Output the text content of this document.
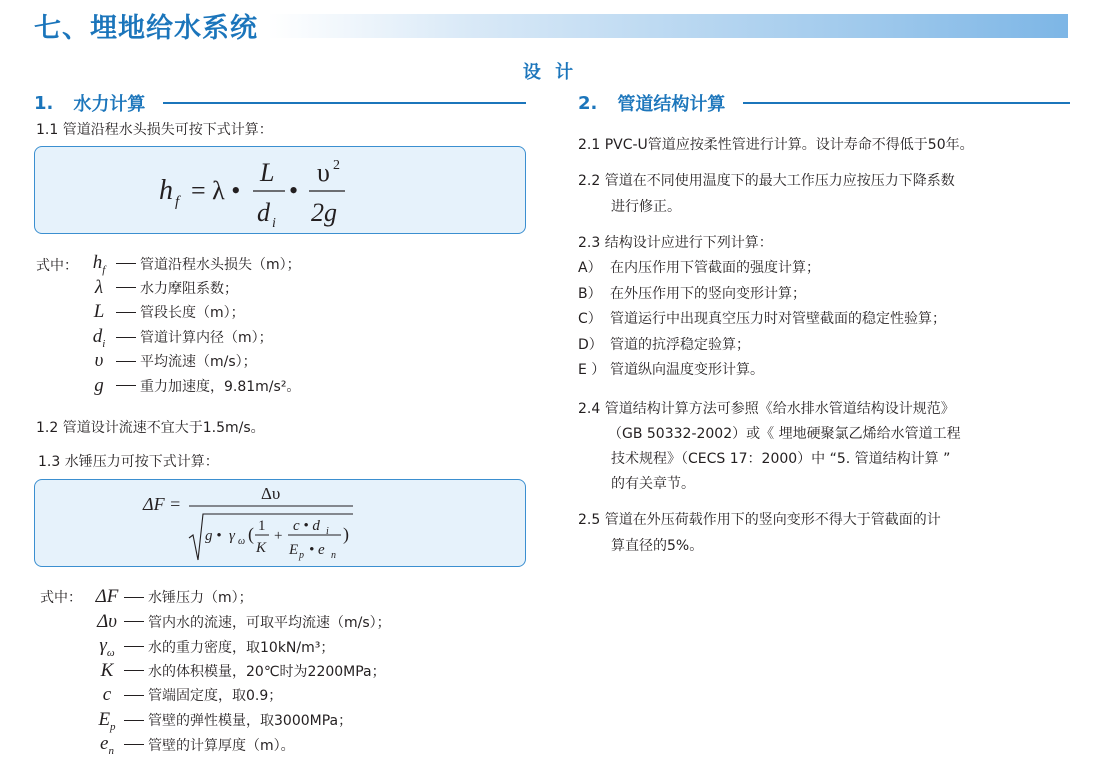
七、埋地给水系统
设 计
1. 水力计算
1.1 管道沿程水头损失可按下式计算：
h f = λ •
L
d i
•
υ 2
2g
式中： $h_f$	管道沿程水头损失（m）；
λ	水力摩阻系数；
L	管段长度（m）；
$d_i$	管道计算内径（m）；
υ	平均流速（m/s）；
g	重力加速度，9.81m/s²。
1.2 管道设计流速不宜大于1.5m/s。
1.3 水锤压力可按下式计算：
ΔF =
Δυ
g • γ ω ( 1
K
+
c • d i
E p • e n
)
式中： ΔF 水锤压力（m）；
Δυ	管内水的流速，可取平均流速（m/s）；
$\gamma_\omega$	水的重力密度，取10kN/m³；
K	水的体积模量，20℃时为2200MPa；
c	管端固定度，取0.9；
$E_p$	管壁的弹性模量，取3000MPa；
$e_n$	管壁的计算厚度（m）。
2. 管道结构计算
2.1 PVC-U管道应按柔性管进行计算。设计寿命不得低于50年。
2.2 管道在不同使用温度下的最大工作压力应按压力下降系数
进行修正。
2.3 结构设计应进行下列计算：
A） 在内压作用下管截面的强度计算；
B） 在外压作用下的竖向变形计算；
C） 管道运行中出现真空压力时对管壁截面的稳定性验算；
D） 管道的抗浮稳定验算；
E ） 管道纵向温度变形计算。
2.4 管道结构计算方法可参照《给水排水管道结构设计规范》
（GB 50332-2002）或《 埋地硬聚氯乙烯给水管道工程
技术规程》（CECS 17：2000）中 “5. 管道结构计算 ”
的有关章节。
2.5 管道在外压荷载作用下的竖向变形不得大于管截面的计
算直径的5%。
